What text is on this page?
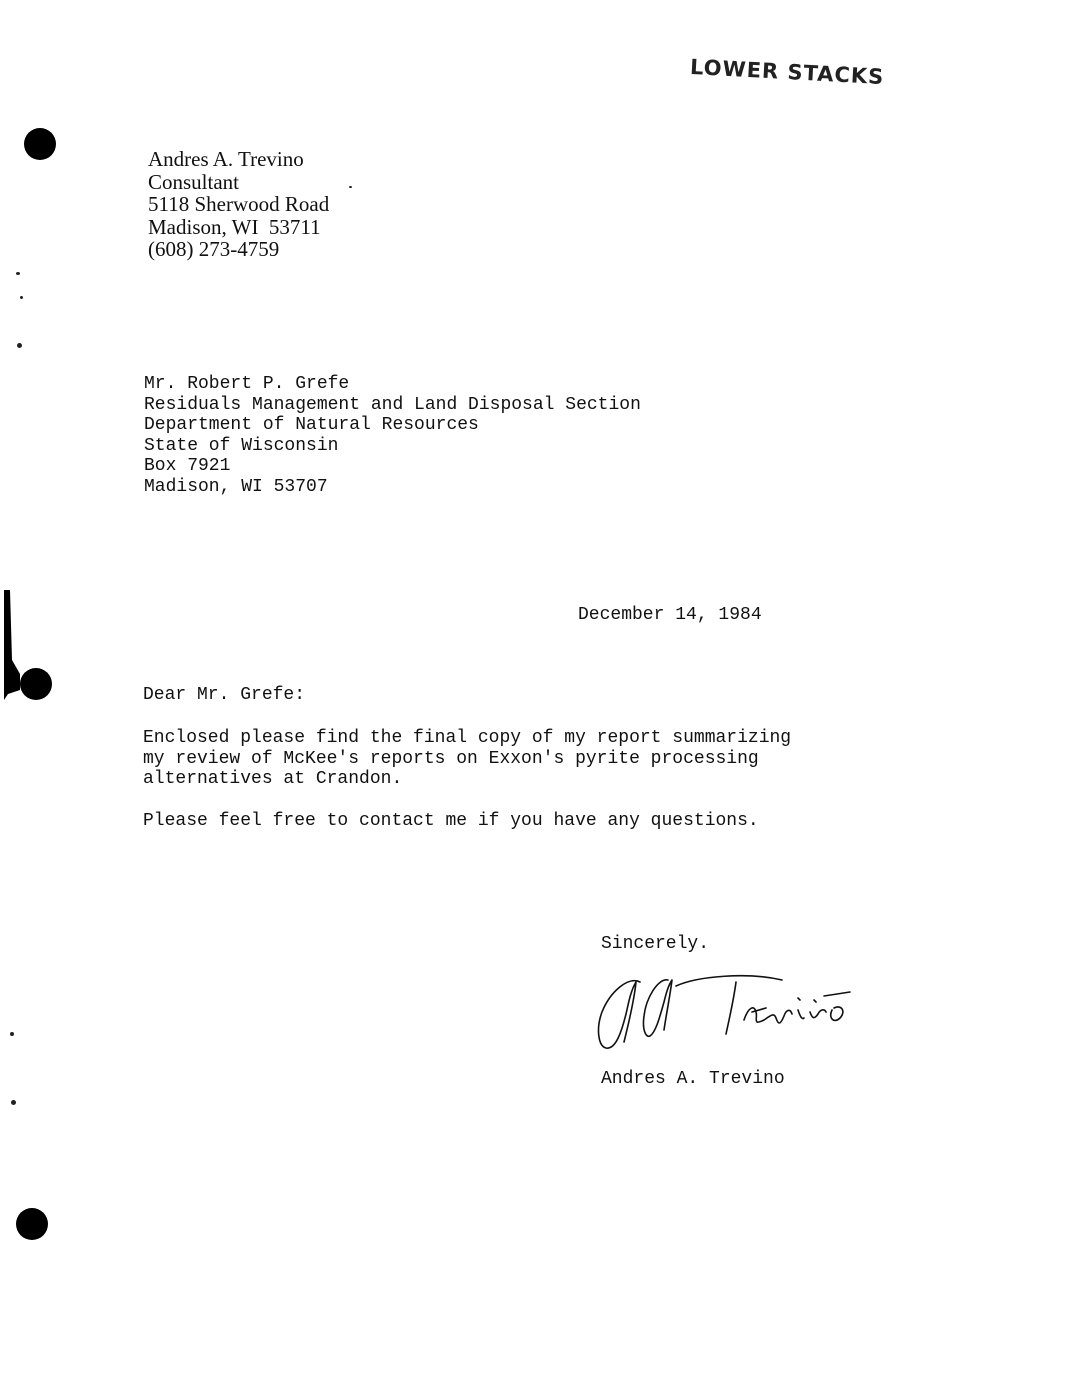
LOWER STACKS
Andres A. Trevino
Consultant
5118 Sherwood Road
Madison, WI  53711
(608) 273-4759
Mr. Robert P. Grefe
Residuals Management and Land Disposal Section
Department of Natural Resources
State of Wisconsin
Box 7921
Madison, WI 53707
December 14, 1984
Dear Mr. Grefe:
Enclosed please find the final copy of my report summarizing
my review of McKee's reports on Exxon's pyrite processing
alternatives at Crandon.
Please feel free to contact me if you have any questions.
Sincerely.
Andres A. Trevino
